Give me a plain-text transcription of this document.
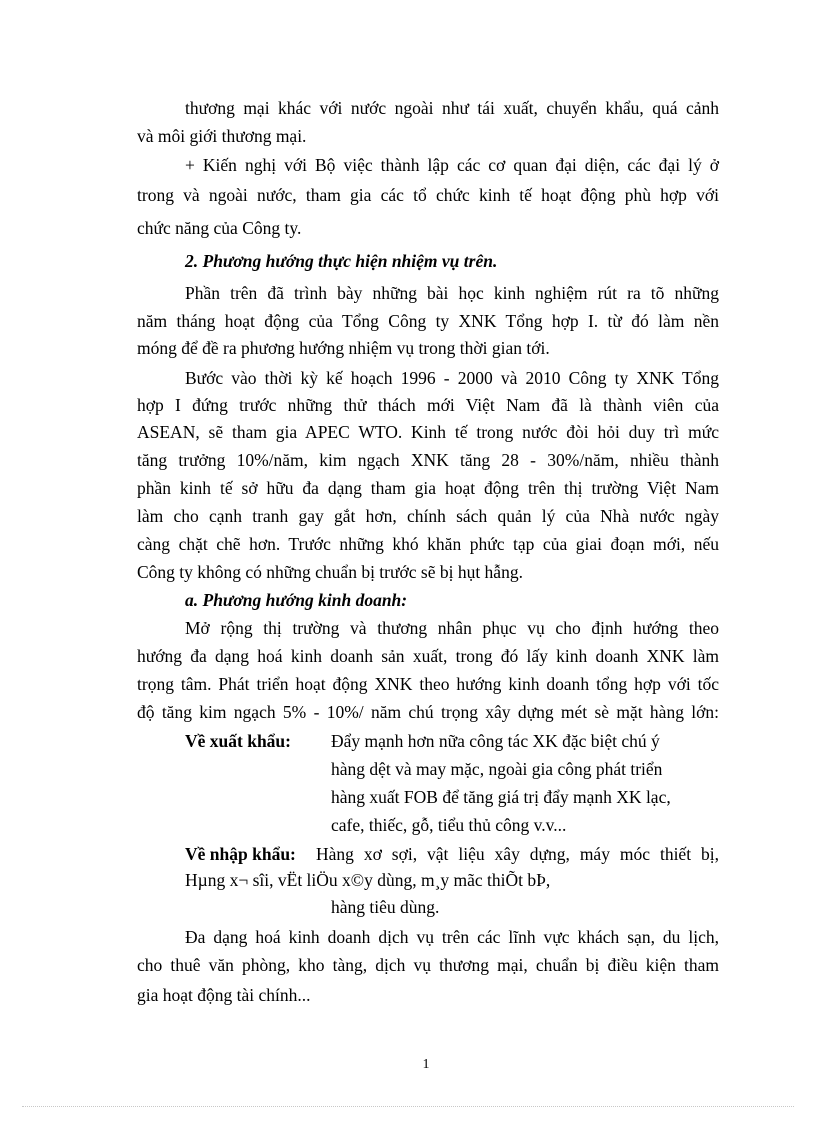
thương mại khác với nước ngoài như tái xuất, chuyển khẩu, quá cảnh
và môi giới thương mại.
+ Kiến nghị với Bộ việc thành lập các cơ quan đại diện, các đại lý ở
trong và ngoài nước, tham gia các tổ chức kinh tế hoạt động phù hợp với
chức năng của Công ty.
2. Phương hướng thực hiện nhiệm vụ trên.
Phần trên đã trình bày những bài học kinh nghiệm rút ra tõ những
năm tháng hoạt động của Tổng Công ty XNK Tổng hợp I. từ đó làm nền
móng để đề ra phương hướng nhiệm vụ trong thời gian tới.
Bước vào thời kỳ kế hoạch 1996 - 2000 và 2010 Công ty XNK Tổng
hợp I đứng trước những thử thách mới Việt Nam đã là thành viên của
ASEAN, sẽ tham gia APEC WTO. Kinh tế trong nước đòi hỏi duy trì mức
tăng trưởng 10%/năm, kim ngạch XNK tăng 28 - 30%/năm, nhiều thành
phần kinh tế sở hữu đa dạng tham gia hoạt động trên thị trường Việt Nam
làm cho cạnh tranh gay gắt hơn, chính sách quản lý của Nhà nước ngày
càng chặt chẽ hơn. Trước những khó khăn phức tạp của giai đoạn mới, nếu
Công ty không có những chuẩn bị trước sẽ bị hụt hẫng.
a. Phương hướng kinh doanh:
Mở rộng thị trường và thương nhân phục vụ cho định hướng theo
hướng đa dạng hoá kinh doanh sản xuất, trong đó lấy kinh doanh XNK làm
trọng tâm. Phát triển hoạt động XNK theo hướng kinh doanh tổng hợp với tốc
độ tăng kim ngạch 5% - 10%/ năm chú trọng xây dựng mét sè mặt hàng lớn:
Về xuất khẩu: Đẩy mạnh hơn nữa công tác XK đặc biệt chú ý
hàng dệt và may mặc, ngoài gia công phát triển
hàng xuất FOB để tăng giá trị đẩy mạnh XK lạc,
cafe, thiếc, gỗ, tiểu thủ công v.v...
Về nhập khẩu: Hàng xơ sợi, vật liệu xây dựng, máy móc thiết bị,
Hµng x¬ sîi, vËt liÖu x©y dùng, m¸y mãc thiÕt bÞ,
hàng tiêu dùng.
Đa dạng hoá kinh doanh dịch vụ trên các lĩnh vực khách sạn, du lịch,
cho thuê văn phòng, kho tàng, dịch vụ thương mại, chuẩn bị điều kiện tham
gia hoạt động tài chính...
1
